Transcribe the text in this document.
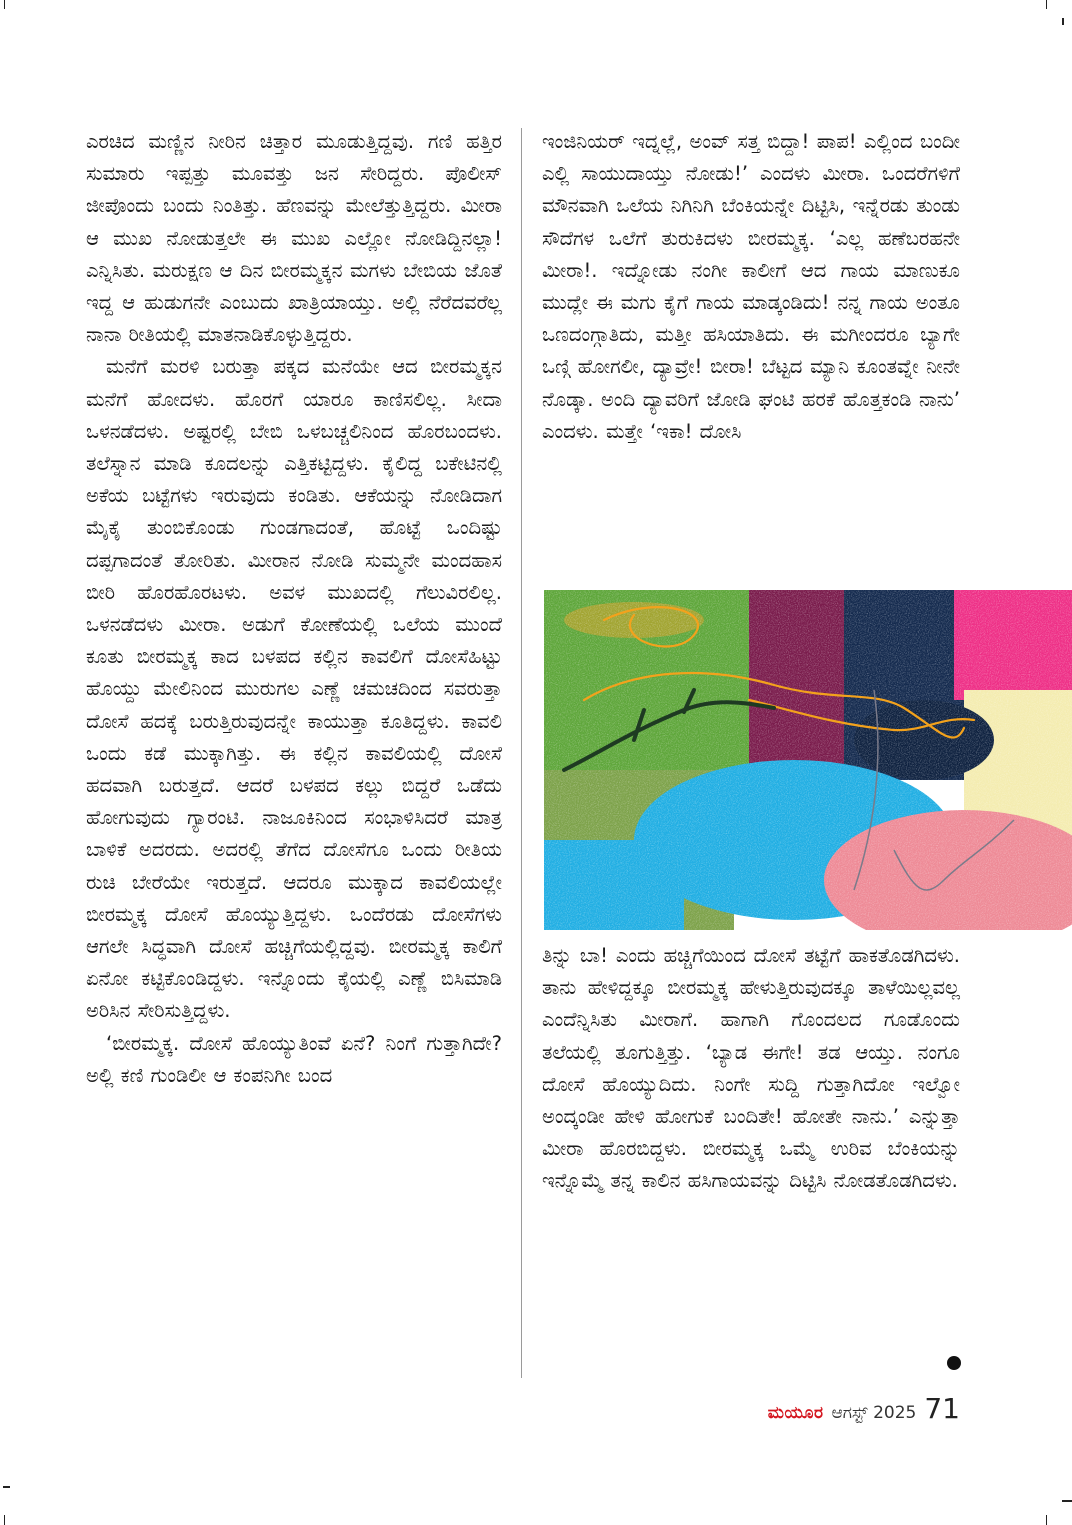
ಎರಚಿದ ಮಣ್ಣಿನ ನೀರಿನ ಚಿತ್ತಾರ ಮೂಡುತ್ತಿದ್ದವು. ಗಣಿ ಹತ್ತಿರ ಸುಮಾರು ಇಪ್ಪತ್ತು ಮೂವತ್ತು ಜನ ಸೇರಿದ್ದರು. ಪೊಲೀಸ್ ಜೀಪೊಂದು ಬಂದು ನಿಂತಿತ್ತು. ಹೆಣವನ್ನು ಮೇಲೆತ್ತುತ್ತಿದ್ದರು. ಮೀರಾ ಆ ಮುಖ ನೋಡುತ್ತಲೇ ಈ ಮುಖ ಎಲ್ಲೋ ನೋಡಿದ್ದಿನಲ್ಲಾ! ಎನ್ನಿಸಿತು. ಮರುಕ್ಷಣ ಆ ದಿನ ಬೀರಮ್ಮಕ್ಕನ ಮಗಳು ಬೇಬಿಯ ಜೊತೆ ಇದ್ದ ಆ ಹುಡುಗನೇ ಎಂಬುದು ಖಾತ್ರಿಯಾಯ್ತು. ಅಲ್ಲಿ ನೆರೆದವರೆಲ್ಲ ನಾನಾ ರೀತಿಯಲ್ಲಿ ಮಾತನಾಡಿಕೊಳ್ಳುತ್ತಿದ್ದರು.

ಮನೆಗೆ ಮರಳಿ ಬರುತ್ತಾ ಪಕ್ಕದ ಮನೆಯೇ ಆದ ಬೀರಮ್ಮಕ್ಕನ ಮನೆಗೆ ಹೋದಳು. ಹೊರಗೆ ಯಾರೂ ಕಾಣಿಸಲಿಲ್ಲ. ಸೀದಾ ಒಳನಡೆದಳು. ಅಷ್ಟರಲ್ಲಿ ಬೇಬಿ ಒಳಬಚ್ಚಲಿನಿಂದ ಹೊರಬಂದಳು. ತಲೆಸ್ನಾನ ಮಾಡಿ ಕೂದಲನ್ನು ಎತ್ತಿಕಟ್ಟಿದ್ದಳು. ಕೈಲಿದ್ದ ಬಕೇಟಿನಲ್ಲಿ ಅಕೆಯ ಬಟ್ಟೆಗಳು ಇರುವುದು ಕಂಡಿತು. ಆಕೆಯನ್ನು ನೋಡಿದಾಗ ಮೈಕೈ ತುಂಬಿಕೊಂಡು ಗುಂಡಗಾದಂತೆ, ಹೊಟ್ಟೆ ಒಂದಿಷ್ಟು ದಪ್ಪಗಾದಂತೆ ತೋರಿತು. ಮೀರಾನ ನೋಡಿ ಸುಮ್ಮನೇ ಮಂದಹಾಸ ಬೀರಿ ಹೊರಹೊರಟಳು. ಅವಳ ಮುಖದಲ್ಲಿ ಗೆಲುವಿರಲಿಲ್ಲ. ಒಳನಡೆದಳು ಮೀರಾ. ಅಡುಗೆ ಕೋಣೆಯಲ್ಲಿ ಒಲೆಯ ಮುಂದೆ ಕೂತು ಬೀರಮ್ಮಕ್ಕ ಕಾದ ಬಳಪದ ಕಲ್ಲಿನ ಕಾವಲಿಗೆ ದೋಸೆಹಿಟ್ಟು ಹೊಯ್ದು ಮೇಲಿನಿಂದ ಮುರುಗಲ ಎಣ್ಣೆ ಚಮಚದಿಂದ ಸವರುತ್ತಾ ದೋಸೆ ಹದಕ್ಕೆ ಬರುತ್ತಿರುವುದನ್ನೇ ಕಾಯುತ್ತಾ ಕೂತಿದ್ದಳು. ಕಾವಲಿ ಒಂದು ಕಡೆ ಮುಕ್ಕಾಗಿತ್ತು. ಈ ಕಲ್ಲಿನ ಕಾವಲಿಯಲ್ಲಿ ದೋಸೆ ಹದವಾಗಿ ಬರುತ್ತದೆ. ಆದರೆ ಬಳಪದ ಕಲ್ಲು ಬಿದ್ದರೆ ಒಡೆದು ಹೋಗುವುದು ಗ್ಯಾರಂಟಿ. ನಾಜೂಕಿನಿಂದ ಸಂಭಾಳಿಸಿದರೆ ಮಾತ್ರ ಬಾಳಿಕೆ ಅದರದು. ಅದರಲ್ಲಿ ತೆಗೆದ ದೋಸೆಗೂ ಒಂದು ರೀತಿಯ ರುಚಿ ಬೇರೆಯೇ ಇರುತ್ತದೆ. ಆದರೂ ಮುಕ್ಕಾದ ಕಾವಲಿಯಲ್ಲೇ ಬೀರಮ್ಮಕ್ಕ ದೋಸೆ ಹೊಯ್ಯುತ್ತಿದ್ದಳು. ಒಂದೆರಡು ದೋಸೆಗಳು ಆಗಲೇ ಸಿದ್ಧವಾಗಿ ದೋಸೆ ಹಚ್ಚಿಗೆಯಲ್ಲಿದ್ದವು. ಬೀರಮ್ಮಕ್ಕ ಕಾಲಿಗೆ ಏನೋ ಕಟ್ಟಿಕೊಂಡಿದ್ದಳು. ಇನ್ನೊಂದು ಕೈಯಲ್ಲಿ ಎಣ್ಣೆ ಬಿಸಿಮಾಡಿ ಅರಿಸಿನ ಸೇರಿಸುತ್ತಿದ್ದಳು.

‘ಬೀರಮ್ಮಕ್ಕ. ದೋಸೆ ಹೊಯ್ಯುತಿಂವೆ ಏನೆ? ನಿಂಗೆ ಗುತ್ತಾಗಿದೇ? ಅಲ್ಲಿ ಕಣಿ ಗುಂಡಿಲೀ ಆ ಕಂಪನಿಗೀ ಬಂದ

ಇಂಜಿನಿಯರ್ ಇದ್ನಲ್ಲೆ, ಅಂವ್ ಸತ್ತ ಬಿದ್ದಾ! ಪಾಪ! ಎಲ್ಲಿಂದ ಬಂದೀ ಎಲ್ಲಿ ಸಾಯುದಾಯ್ತು ನೋಡು!’ ಎಂದಳು ಮೀರಾ. ಒಂದರೆಗಳಿಗೆ ಮೌನವಾಗಿ ಒಲೆಯ ನಿಗಿನಿಗಿ ಬೆಂಕಿಯನ್ನೇ ದಿಟ್ಟಿಸಿ, ಇನ್ನೆರಡು ತುಂಡು ಸೌದೆಗಳ ಒಲೆಗೆ ತುರುಕಿದಳು ಬೀರಮ್ಮಕ್ಕ. ‘ಎಲ್ಲ ಹಣೆಬರಹನೇ ಮೀರಾ!. ಇದ್ನೋಡು ನಂಗೀ ಕಾಲೀಗೆ ಆದ ಗಾಯ ಮಾಣುಕೂ ಮುದ್ಲೇ ಈ ಮಗು ಕೈಗೆ ಗಾಯ ಮಾಡ್ಕಂಡಿದು! ನನ್ನ ಗಾಯ ಅಂತೂ ಒಣದಂಗ್ಗಾತಿದು, ಮತ್ತೀ ಹಸಿಯಾತಿದು. ಈ ಮಗೀಂದರೂ ಬ್ಯಾಗೇ ಒಣ್ಗಿ ಹೋಗಲೀ, ದ್ಯಾವ್ರೇ! ಬೀರಾ! ಬೆಟ್ಟದ ಮ್ಯಾನಿ ಕೂಂತವ್ನೇ ನೀನೇ ನೊಡ್ಕಾ. ಅಂದಿ ದ್ಯಾವರಿಗೆ ಜೋಡಿ ಘಂಟಿ ಹರಕೆ ಹೊತ್ತಕಂಡಿ ನಾನು’ ಎಂದಳು. ಮತ್ತೇ ‘ಇಕಾ! ದೋಸಿ

ತಿನ್ನು ಬಾ! ಎಂದು ಹಚ್ಚಿಗೆಯಿಂದ ದೋಸೆ ತಟ್ಟೆಗೆ ಹಾಕತೊಡಗಿದಳು. ತಾನು ಹೇಳಿದ್ದಕ್ಕೂ ಬೀರಮ್ಮಕ್ಕ ಹೇಳುತ್ತಿರುವುದಕ್ಕೂ ತಾಳೆಯಿಲ್ಲವಲ್ಲ ಎಂದೆನ್ನಿಸಿತು ಮೀರಾಗೆ. ಹಾಗಾಗಿ ಗೊಂದಲದ ಗೂಡೊಂದು ತಲೆಯಲ್ಲಿ ತೂಗುತ್ತಿತ್ತು. ‘ಬ್ಯಾಡ ಈಗೇ! ತಡ ಆಯ್ತು. ನಂಗೂ ದೋಸೆ ಹೊಯ್ಯುದಿದು. ನಿಂಗೇ ಸುದ್ದಿ ಗುತ್ತಾಗಿದೋ ಇಲ್ವೋ ಅಂದ್ಕಂಡೀ ಹೇಳಿ ಹೋಗುಕೆ ಬಂದಿತೇ! ಹೋತೇ ನಾನು.’ ಎನ್ನುತ್ತಾ ಮೀರಾ ಹೊರಬಿದ್ದಳು. ಬೀರಮ್ಮಕ್ಕ ಒಮ್ಮೆ ಉರಿವ ಬೆಂಕಿಯನ್ನು ಇನ್ನೊಮ್ಮೆ ತನ್ನ ಕಾಲಿನ ಹಸಿಗಾಯವನ್ನು ದಿಟ್ಟಿಸಿ ನೋಡತೊಡಗಿದಳು.

ಮಯೂರ ಆಗಸ್ಟ್ 2025 71
